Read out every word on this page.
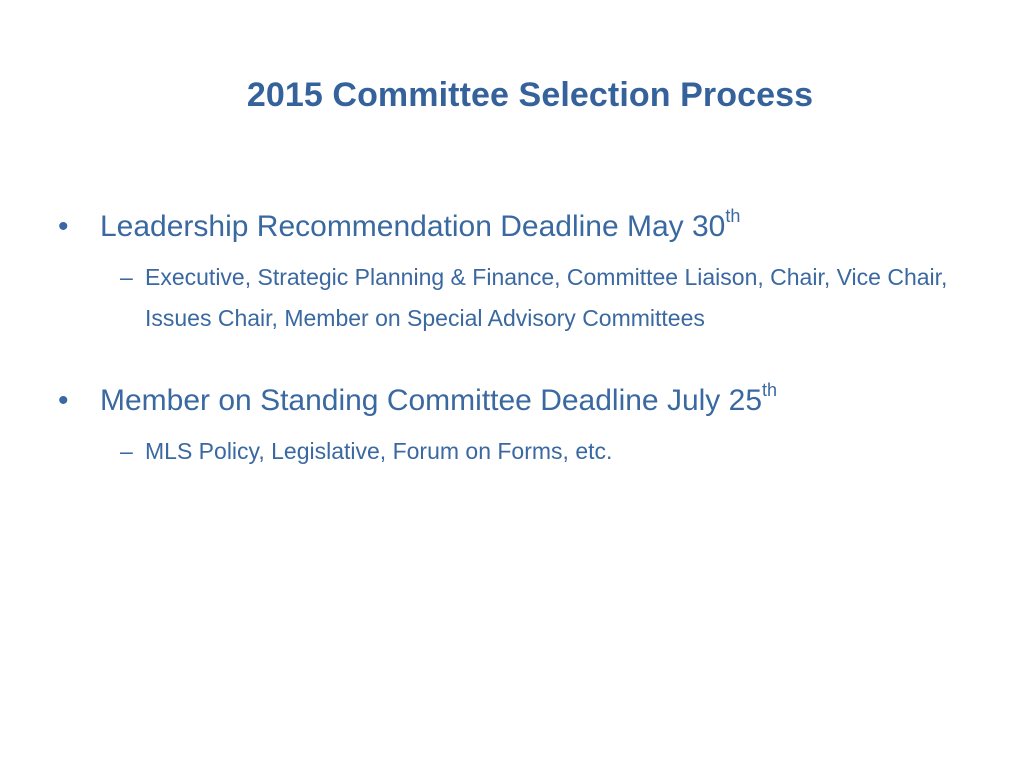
2015 Committee Selection Process
•	Leadership Recommendation Deadline May 30th
– Executive, Strategic Planning & Finance, Committee Liaison, Chair, Vice Chair, Issues Chair, Member on Special Advisory Committees
•	Member on Standing Committee Deadline July 25th
– MLS Policy, Legislative, Forum on Forms, etc.
